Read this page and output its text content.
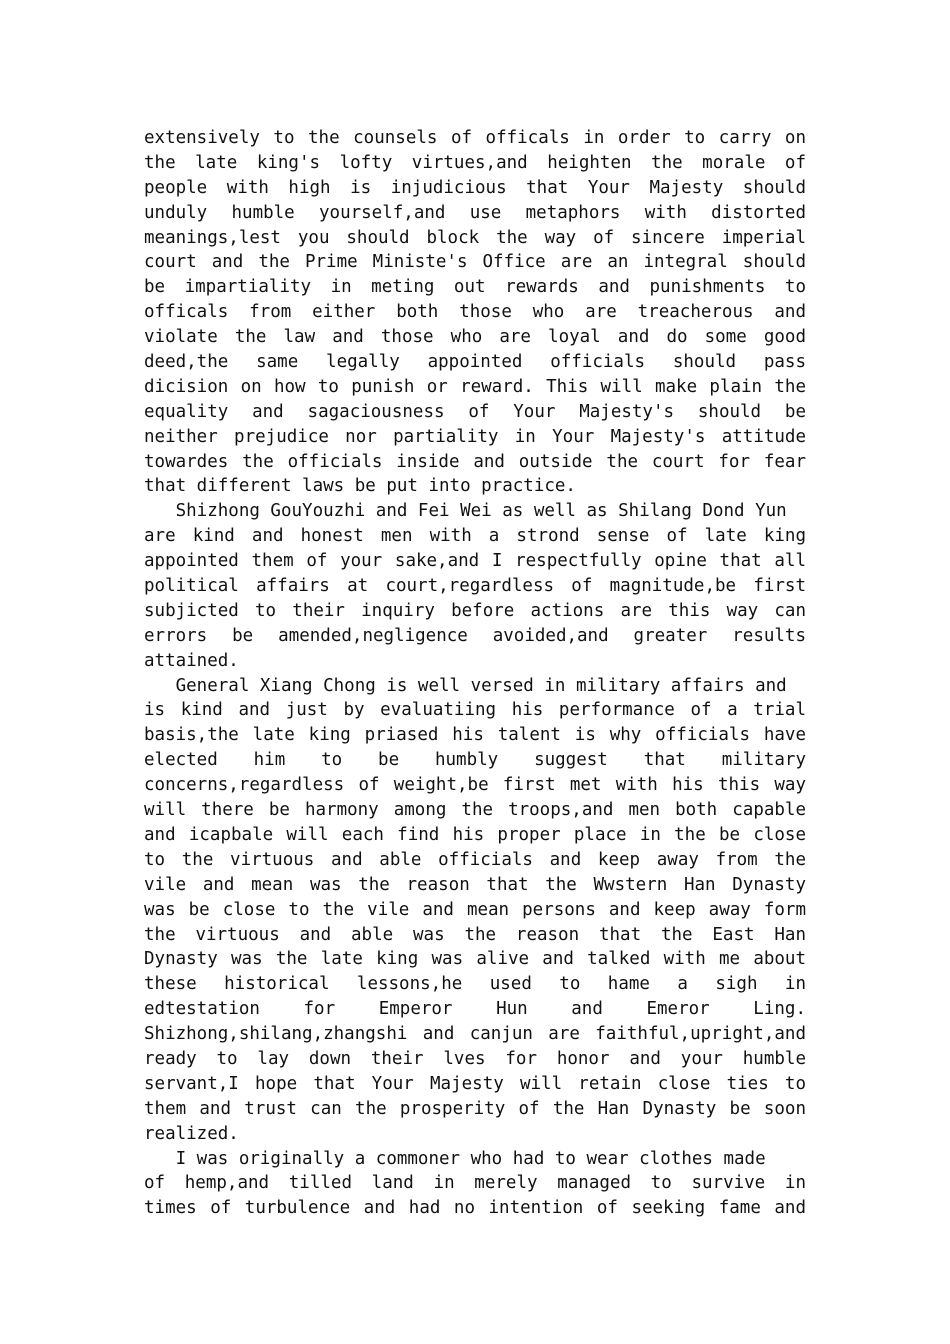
extensively to the counsels of officals in order to carry on
the late king's lofty virtues,and heighten the morale of
people with high is injudicious that Your Majesty should
unduly humble yourself,and use metaphors with distorted
meanings,lest you should block the way of sincere imperial
court and the Prime Ministe's Office are an integral should
be impartiality in meting out rewards and punishments to
officals from either both those who are treacherous and
violate the law and those who are loyal and do some good
deed,the same legally appointed officials should pass
dicision on how to punish or reward. This will make plain the
equality and sagaciousness of Your Majesty's should be
neither prejudice nor partiality in Your Majesty's attitude
towardes the officials inside and outside the court for fear
that different laws be put into practice.
Shizhong GouYouzhi and Fei Wei as well as Shilang Dond Yun
are kind and honest men with a strond sense of late king
appointed them of your sake,and I respectfully opine that all
political affairs at court,regardless of magnitude,be first
subjicted to their inquiry before actions are this way can
errors be amended,negligence avoided,and greater results
attained.
General Xiang Chong is well versed in military affairs and
is kind and just by evaluatiing his performance of a trial
basis,the late king priased his talent is why officials have
elected him to be humbly suggest that military
concerns,regardless of weight,be first met with his this way
will there be harmony among the troops,and men both capable
and icapbale will each find his proper place in the be close
to the virtuous and able officials and keep away from the
vile and mean was the reason that the Wwstern Han Dynasty
was be close to the vile and mean persons and keep away form
the virtuous and able was the reason that the East Han
Dynasty was the late king was alive and talked with me about
these historical lessons,he used to hame a sigh in
edtestation for Emperor Hun and Emeror Ling.
Shizhong,shilang,zhangshi and canjun are faithful,upright,and
ready to lay down their lves for honor and your humble
servant,I hope that Your Majesty will retain close ties to
them and trust can the prosperity of the Han Dynasty be soon
realized.
I was originally a commoner who had to wear clothes made
of hemp,and tilled land in merely managed to survive in
times of turbulence and had no intention of seeking fame and
